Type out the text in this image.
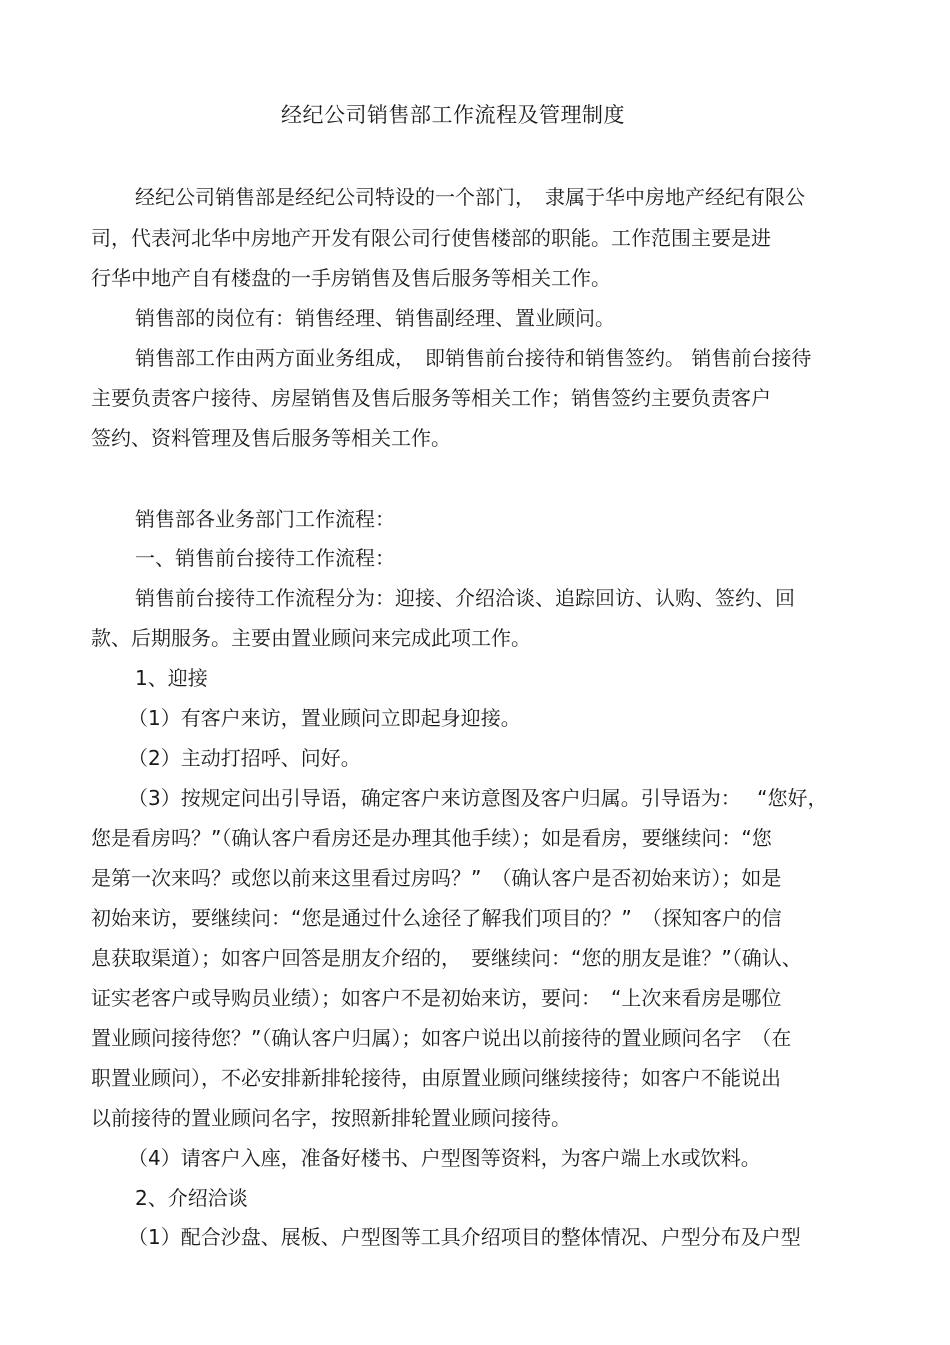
经纪公司销售部工作流程及管理制度
经纪公司销售部是经纪公司特设的一个部门，　隶属于华中房地产经纪有限公
司，代表河北华中房地产开发有限公司行使售楼部的职能。工作范围主要是进
行华中地产自有楼盘的一手房销售及售后服务等相关工作。
销售部的岗位有：销售经理、销售副经理、置业顾问。
销售部工作由两方面业务组成，　即销售前台接待和销售签约。 销售前台接待
主要负责客户接待、房屋销售及售后服务等相关工作；销售签约主要负责客户
签约、资料管理及售后服务等相关工作。
销售部各业务部门工作流程：
一、销售前台接待工作流程：
销售前台接待工作流程分为：迎接、介绍洽谈、追踪回访、认购、签约、回
款、后期服务。主要由置业顾问来完成此项工作。
1、迎接
（1）有客户来访，置业顾问立即起身迎接。
（2）主动打招呼、问好。
（3）按规定问出引导语，确定客户来访意图及客户归属。引导语为：　 “您好，
您是看房吗？”（确认客户看房还是办理其他手续）；如是看房，要继续问：“您
是第一次来吗？或您以前来这里看过房吗？”　（确认客户是否初始来访）；如是
初始来访，要继续问：“您是通过什么途径了解我们项目的？”　（探知客户的信
息获取渠道）；如客户回答是朋友介绍的，　要继续问：“您的朋友是谁？”（确认、
证实老客户或导购员业绩）；如客户不是初始来访，要问：　“上次来看房是哪位
置业顾问接待您？”（确认客户归属）；如客户说出以前接待的置业顾问名字　（在
职置业顾问），不必安排新排轮接待，由原置业顾问继续接待；如客户不能说出
以前接待的置业顾问名字，按照新排轮置业顾问接待。
（4）请客户入座，准备好楼书、户型图等资料，为客户端上水或饮料。
2、介绍洽谈
（1）配合沙盘、展板、户型图等工具介绍项目的整体情况、户型分布及户型
